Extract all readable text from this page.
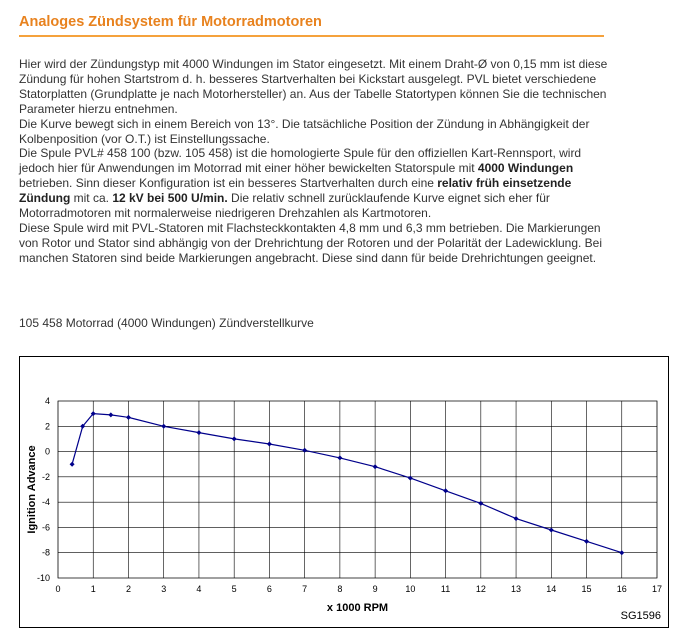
Analoges Zündsystem für Motorradmotoren

Hier wird der Zündungstyp mit 4000 Windungen im Stator eingesetzt. Mit einem Draht-Ø von 0,15 mm ist diese Zündung für hohen Startstrom d. h. besseres Startverhalten bei Kickstart ausgelegt. PVL bietet verschiedene Statorplatten (Grundplatte je nach Motorhersteller) an. Aus der Tabelle Statortypen können Sie die technischen Parameter hierzu entnehmen.

Die Kurve bewegt sich in einem Bereich von 13°. Die tatsächliche Position der Zündung in Abhängigkeit der Kolbenposition (vor O.T.) ist Einstellungssache.

Die Spule PVL# 458 100 (bzw. 105 458) ist die homologierte Spule für den offiziellen Kart-Rennsport, wird jedoch hier für Anwendungen im Motorrad mit einer höher bewickelten Statorspule mit 4000 Windungen betrieben. Sinn dieser Konfiguration ist ein besseres Startverhalten durch eine relativ früh einsetzende Zündung mit ca. 12 kV bei 500 U/min. Die relativ schnell zurücklaufende Kurve eignet sich eher für Motorradmotoren mit normalerweise niedrigeren Drehzahlen als Kartmotoren.

Diese Spule wird mit PVL-Statoren mit Flachsteckkontakten 4,8 mm und 6,3 mm betrieben. Die Markierungen von Rotor und Stator sind abhängig von der Drehrichtung der Rotoren und der Polarität der Ladewicklung. Bei manchen Statoren sind beide Markierungen angebracht. Diese sind dann für beide Drehrichtungen geeignet.

105 458 Motorrad (4000 Windungen) Zündverstellkurve
0	1	2	3	4	5	6	7	8	9	10	11	12	13	14	15	16	17
4
2
0
-2
-4
-6
-8
-10
x 1000 RPM
Ignition Advance
SG1596
